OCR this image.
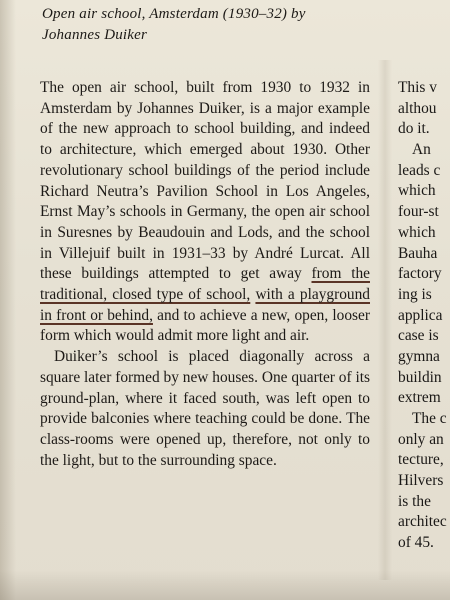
Open air school, Amsterdam (1930–32) by
Johannes Duiker

The open air school, built from 1930 to 1932 in Amsterdam by Johannes Duiker, is a major example of the new approach to school building, and indeed to architecture, which emerged about 1930. Other revolutionary school buildings of the period include Richard Neutra’s Pavilion School in Los Angeles, Ernst May’s schools in Germany, the open air school in Suresnes by Beaudouin and Lods, and the school in Villejuif built in 1931–33 by André Lurcat. All these buildings attempted to get away from the traditional, closed type of school, with a playground in front or behind, and to achieve a new, open, looser form which would admit more light and air.

Duiker’s school is placed diagonally across a square later formed by new houses. One quarter of its ground-plan, where it faced south, was left open to provide balconies where teaching could be done. The class-rooms were opened up, therefore, not only to the light, but to the surrounding space.

This v
althou
do it.
An
leads c
which
four-st
which
Bauha
factory
ing is
applica
case is
gymna
buildin
extrem
The c
only an
tecture,
Hilvers
is the
architec
of 45.
